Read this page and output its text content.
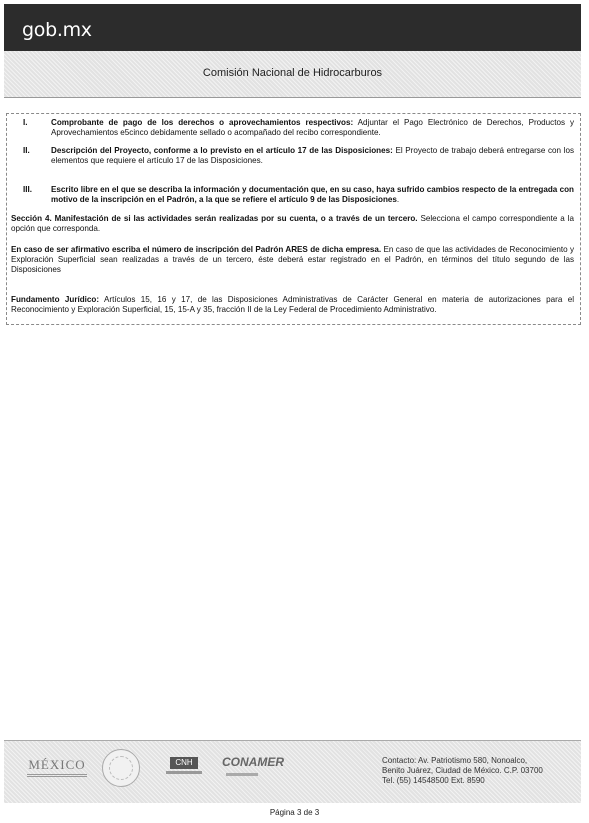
gob.mx
Comisión Nacional de Hidrocarburos
I.	Comprobante de pago de los derechos o aprovechamientos respectivos: Adjuntar el Pago Electrónico de Derechos, Productos y Aprovechamientos e5cinco debidamente sellado o acompañado del recibo correspondiente.
II.	Descripción del Proyecto, conforme a lo previsto en el artículo 17 de las Disposiciones: El Proyecto de trabajo deberá entregarse con los elementos que requiere el artículo 17 de las Disposiciones.
III. Escrito libre en el que se describa la información y documentación que, en su caso, haya sufrido cambios respecto de la entregada con motivo de la inscripción en el Padrón, a la que se refiere el artículo 9 de las Disposiciones.
Sección 4. Manifestación de si las actividades serán realizadas por su cuenta, o a través de un tercero. Selecciona el campo correspondiente a la opción que corresponda.
En caso de ser afirmativo escriba el número de inscripción del Padrón ARES de dicha empresa. En caso de que las actividades de Reconocimiento y Exploración Superficial sean realizadas a través de un tercero, éste deberá estar registrado en el Padrón, en términos del título segundo de las Disposiciones
Fundamento Jurídico: Artículos 15, 16 y 17, de las Disposiciones Administrativas de Carácter General en materia de autorizaciones para el Reconocimiento y Exploración Superficial, 15, 15-A y 35, fracción II de la Ley Federal de Procedimiento Administrativo.
MÉXICO	CNH	CONAMER	Contacto: Av. Patriotismo 580, Nonoalco,
Benito Juárez, Ciudad de México. C.P. 03700
Tel. (55) 14548500 Ext. 8590
Página 3 de 3
